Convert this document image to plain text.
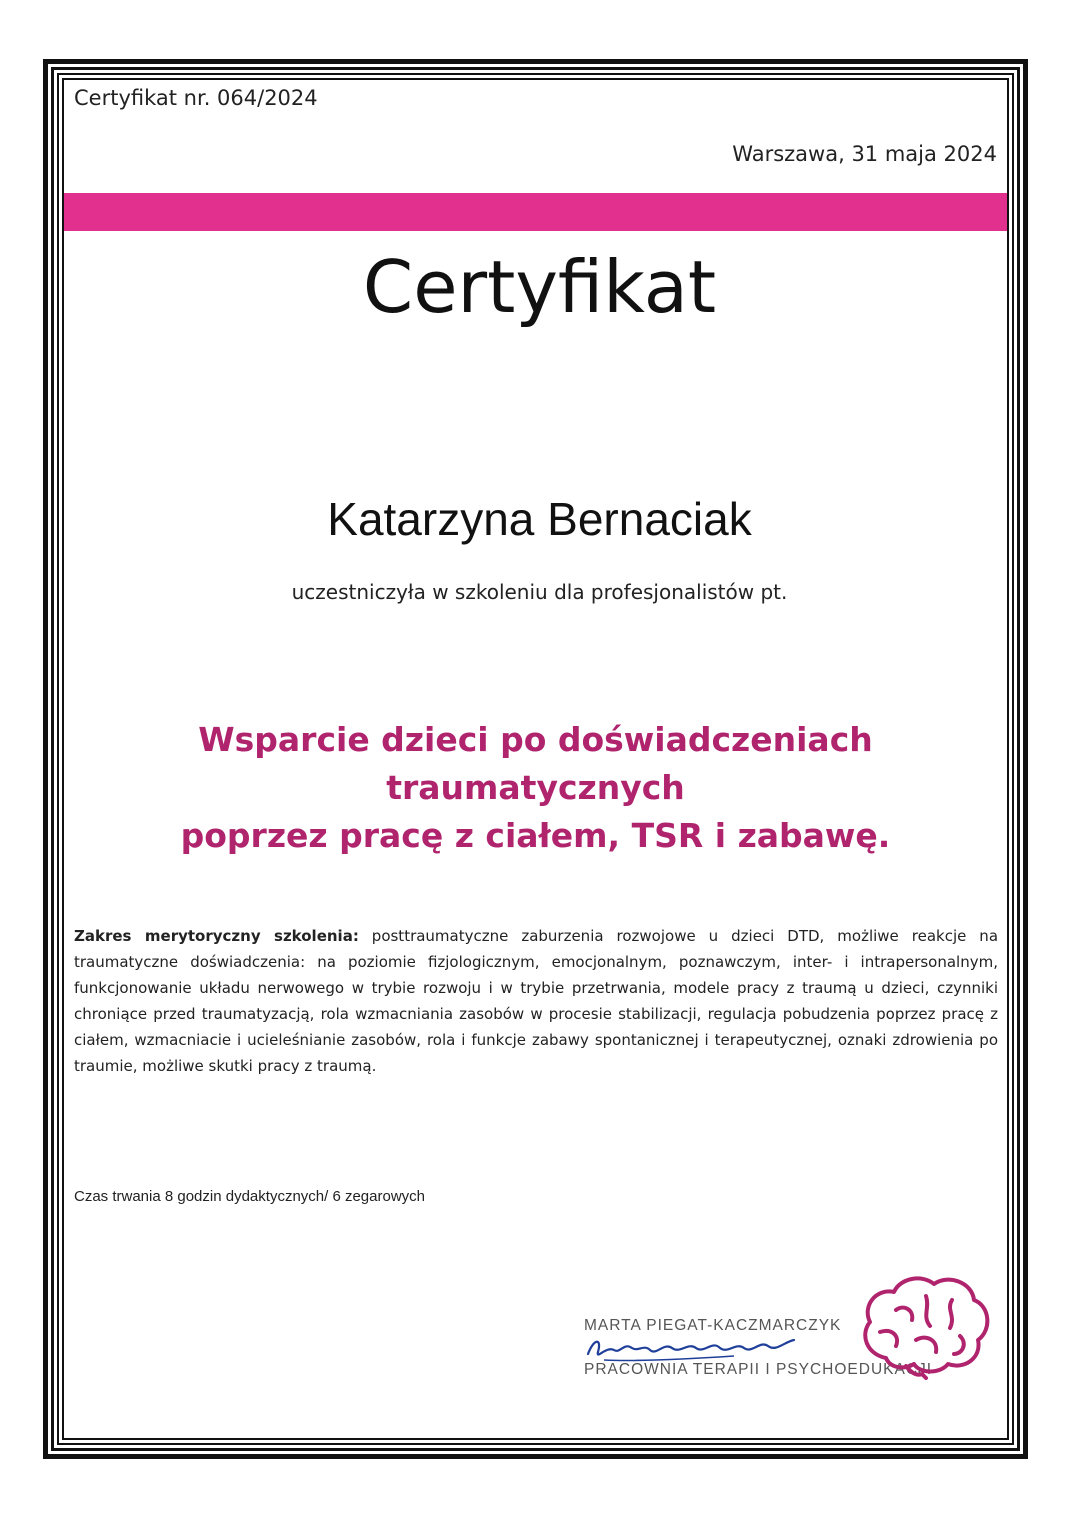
Certyfikat nr. 064/2024
Warszawa, 31 maja 2024
Certyfikat
Katarzyna Bernaciak
uczestniczyła w szkoleniu dla profesjonalistów pt.
Wsparcie dzieci po doświadczeniach traumatycznych
poprzez pracę z ciałem, TSR i zabawę.
Zakres merytoryczny szkolenia: posttraumatyczne zaburzenia rozwojowe u dzieci DTD, możliwe reakcje na traumatyczne doświadczenia: na poziomie fizjologicznym, emocjonalnym, poznawczym, inter- i intrapersonalnym, funkcjonowanie układu nerwowego w trybie rozwoju i w trybie przetrwania, modele pracy z traumą u dzieci, czynniki chroniące przed traumatyzacją, rola wzmacniania zasobów w procesie stabilizacji, regulacja pobudzenia poprzez pracę z ciałem, wzmacniacie i ucieleśnianie zasobów, rola i funkcje zabawy spontanicznej i terapeutycznej, oznaki zdrowienia po traumie, możliwe skutki pracy z traumą.
Czas trwania 8 godzin dydaktycznych/ 6 zegarowych
MARTA PIEGAT-KACZMARCZYK
PRACOWNIA TERAPII I PSYCHOEDUKACJI
